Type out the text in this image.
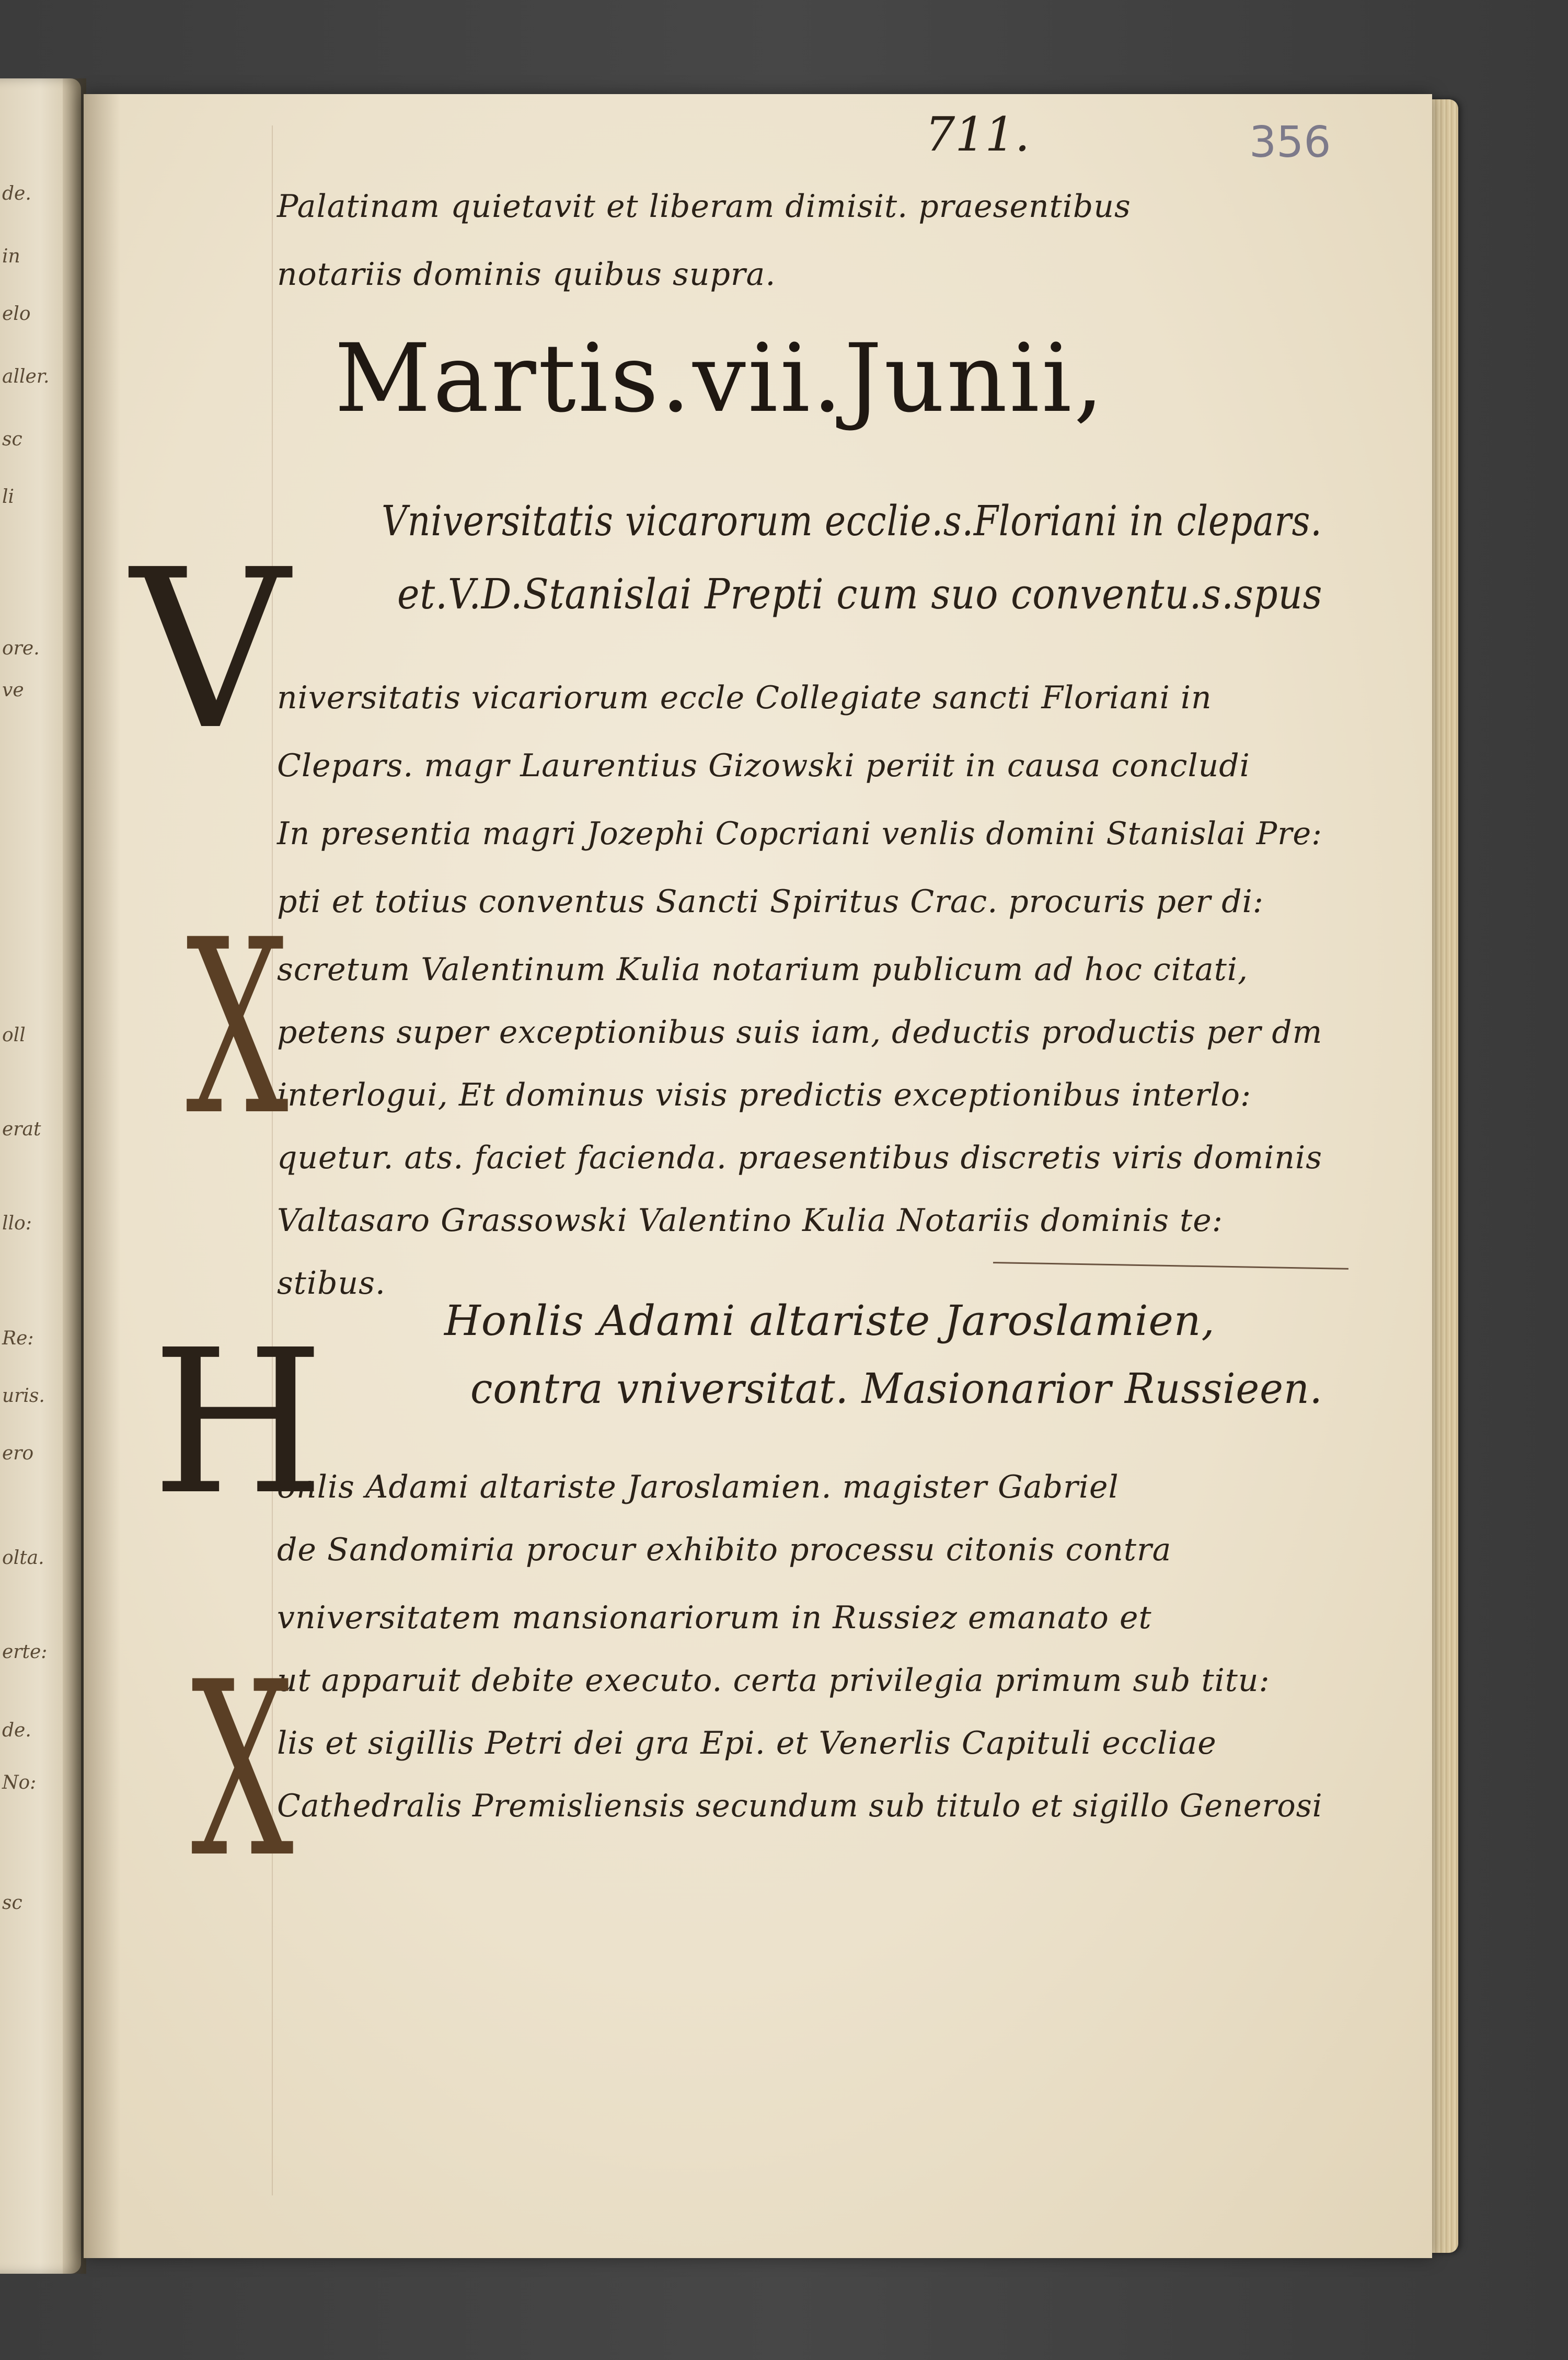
de.
in
elo
aller.
sc
li
ore.
ve
oll
erat
llo:
Re:
uris.
ero
olta.
erte:
de.
No:
sc
711.	356
Palatinam quietavit et liberam dimisit. praesentibus
notariis dominis quibus supra.
Martis.vii.Junii,
Vniversitatis vicarorum ecclie.s.Floriani in clepars.
et.V.D.Stanislai Prepti cum suo conventu.s.spus
V
niversitatis vicariorum eccle Collegiate sancti Floriani in
Clepars. magr Laurentius Gizowski periit in causa concludi
In presentia magri Jozephi Copcriani venlis domini Stanislai Pre:
pti et totius conventus Sancti Spiritus Crac. procuris per di:
scretum Valentinum Kulia notarium publicum ad hoc citati,
petens super exceptionibus suis iam, deductis productis per dm
interlogui, Et dominus visis predictis exceptionibus interlo:
quetur. ats. faciet facienda. praesentibus discretis viris dominis
Valtasaro Grassowski Valentino Kulia Notariis dominis te:
stibus.
X
Honlis Adami altariste Jaroslamien,
contra vniversitat. Masionarior Russieen.
H
onlis Adami altariste Jaroslamien. magister Gabriel
de Sandomiria procur exhibito processu citonis contra
vniversitatem mansionariorum in Russiez emanato et
ut apparuit debite executo. certa privilegia primum sub titu:
lis et sigillis Petri dei gra Epi. et Venerlis Capituli eccliae
Cathedralis Premisliensis secundum sub titulo et sigillo Generosi
X
